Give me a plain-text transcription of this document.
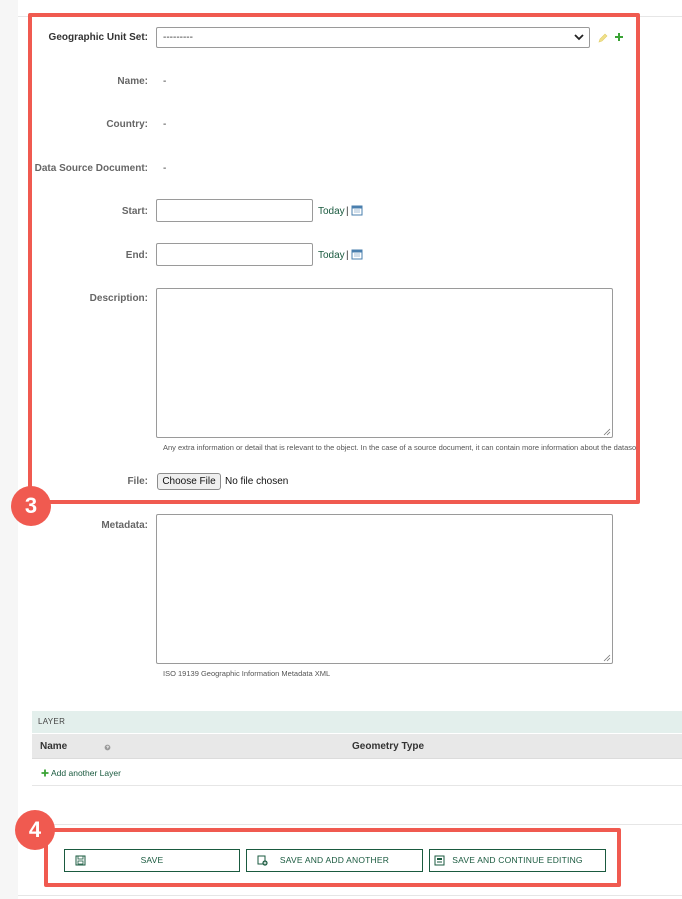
Geographic Unit Set:	---------
Name: -
Country: -
Data Source Document: -
Start:	Today |
End:	Today |
Description:
Any extra information or detail that is relevant to the object. In the case of a source document, it can contain more information about the dataso
File:	Choose File No file chosen
Metadata:
ISO 19139 Geographic Information Metadata XML
LAYER
Name	Geometry Type
Add another Layer
SAVE	SAVE AND ADD ANOTHER	SAVE AND CONTINUE EDITING
3
4
